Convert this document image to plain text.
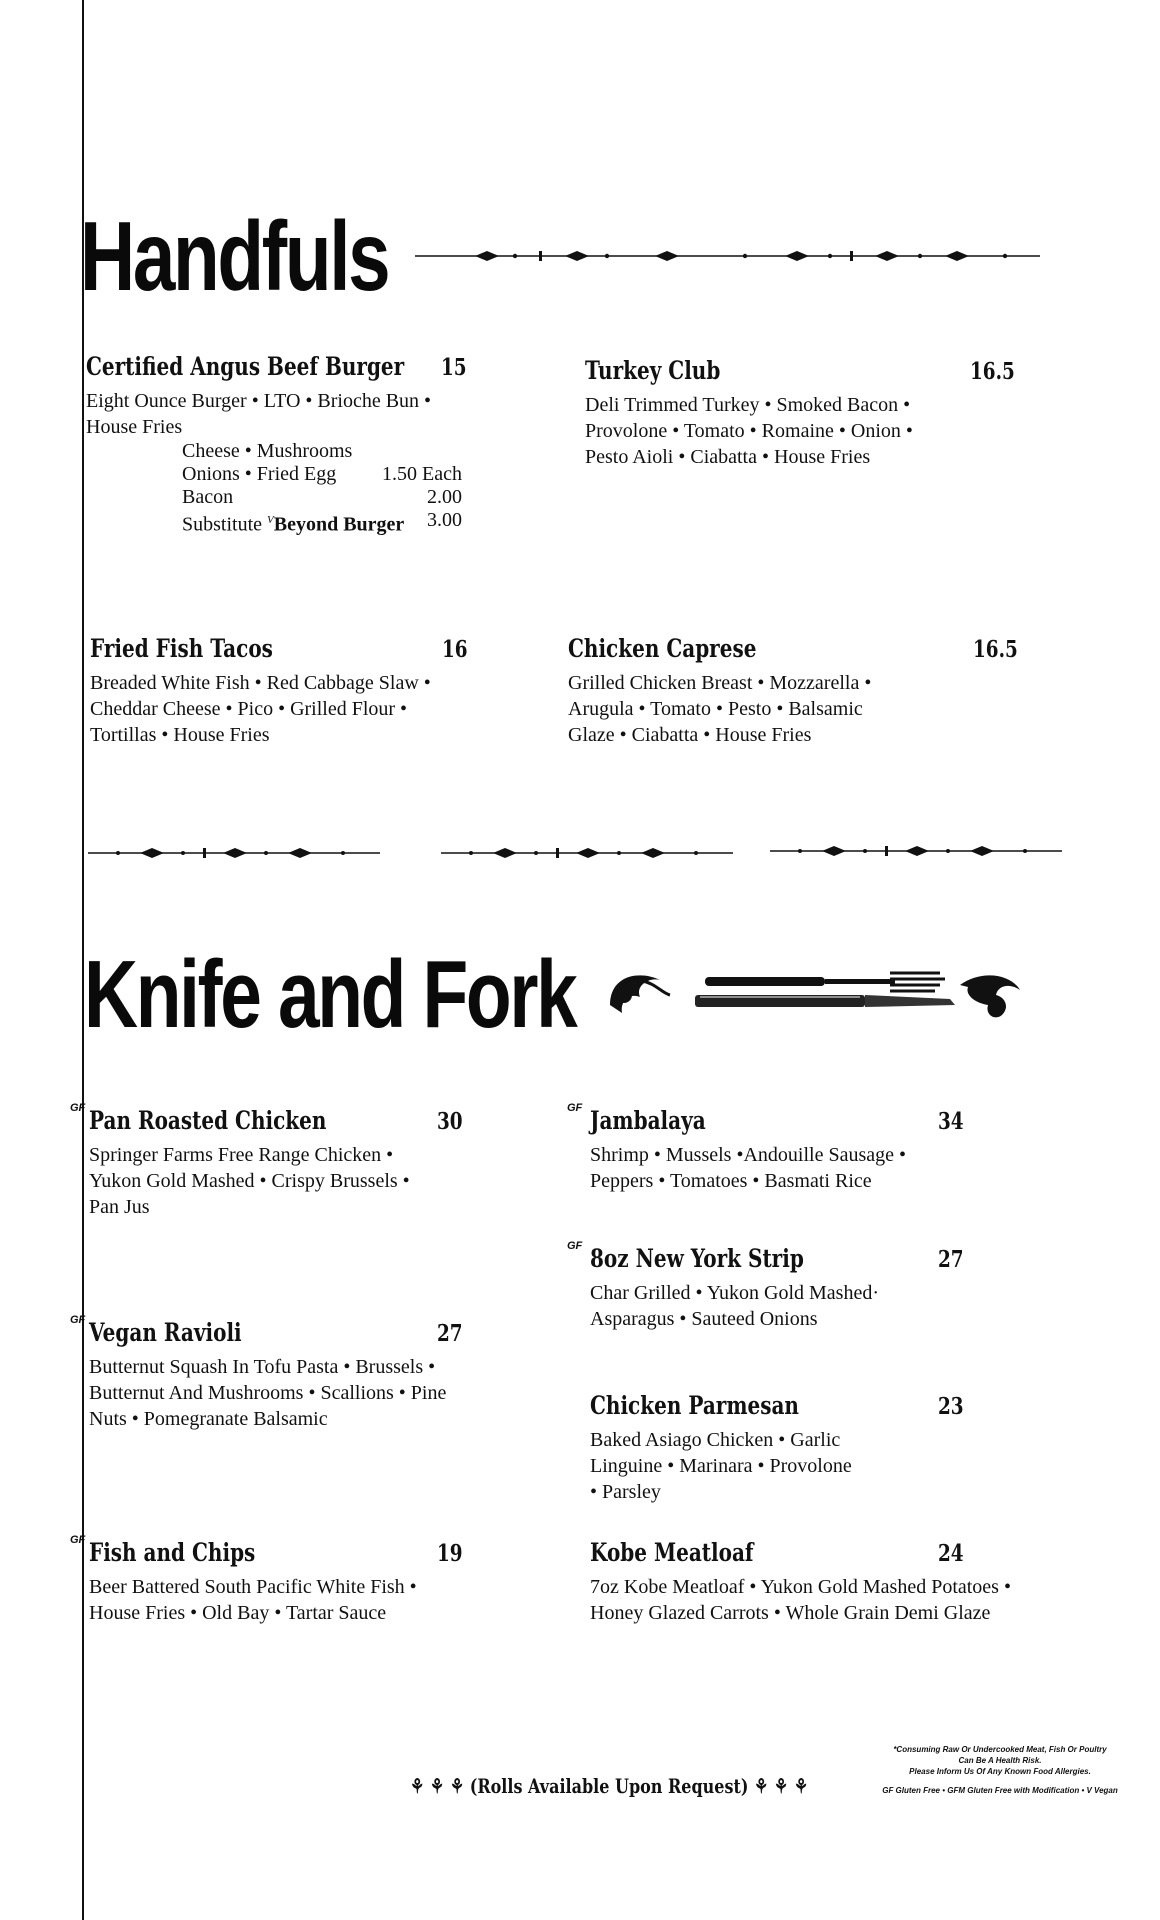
Handfuls
Certified Angus Beef Burger 15

Eight Ounce Burger • LTO • Brioche Bun • House Fries

Cheese • Mushrooms
Onions • Fried Egg 1.50 Each
Bacon	2.00
Substitute $^V$Beyond Burger 3.00
Turkey Club	16.5

Deli Trimmed Turkey • Smoked Bacon • Provolone • Tomato • Romaine • Onion • Pesto Aioli • Ciabatta • House Fries

Fried Fish Tacos	16

Breaded White Fish • Red Cabbage Slaw • Cheddar Cheese • Pico • Grilled Flour • Tortillas • House Fries

Chicken Caprese	16.5

Grilled Chicken Breast • Mozzarella • Arugula • Tomato • Pesto • Balsamic Glaze • Ciabatta • House Fries

Knife and Fork
GF Pan Roasted Chicken	30

Springer Farms Free Range Chicken • Yukon Gold Mashed • Crispy Brussels • Pan Jus

GF Vegan Ravioli	27

Butternut Squash In Tofu Pasta • Brussels • Butternut And Mushrooms • Scallions • Pine Nuts • Pomegranate Balsamic

GF Fish and Chips	19

Beer Battered South Pacific White Fish • House Fries • Old Bay • Tartar Sauce

GF Jambalaya	34

Shrimp • Mussels •Andouille Sausage • Peppers • Tomatoes • Basmati Rice

GF 8oz New York Strip	27

Char Grilled • Yukon Gold Mashed· Asparagus • Sauteed Onions

Chicken Parmesan	23

Baked Asiago Chicken • Garlic Linguine • Marinara • Provolone • Parsley

Kobe Meatloaf	24

7oz Kobe Meatloaf • Yukon Gold Mashed Potatoes • Honey Glazed Carrots • Whole Grain Demi Glaze

⚘ ⚘ ⚘ (Rolls Available Upon Request) ⚘ ⚘ ⚘
*Consuming Raw Or Undercooked Meat, Fish Or Poultry
Can Be A Health Risk.
Please Inform Us Of Any Known Food Allergies.
GF Gluten Free • GFM Gluten Free with Modification • V Vegan
